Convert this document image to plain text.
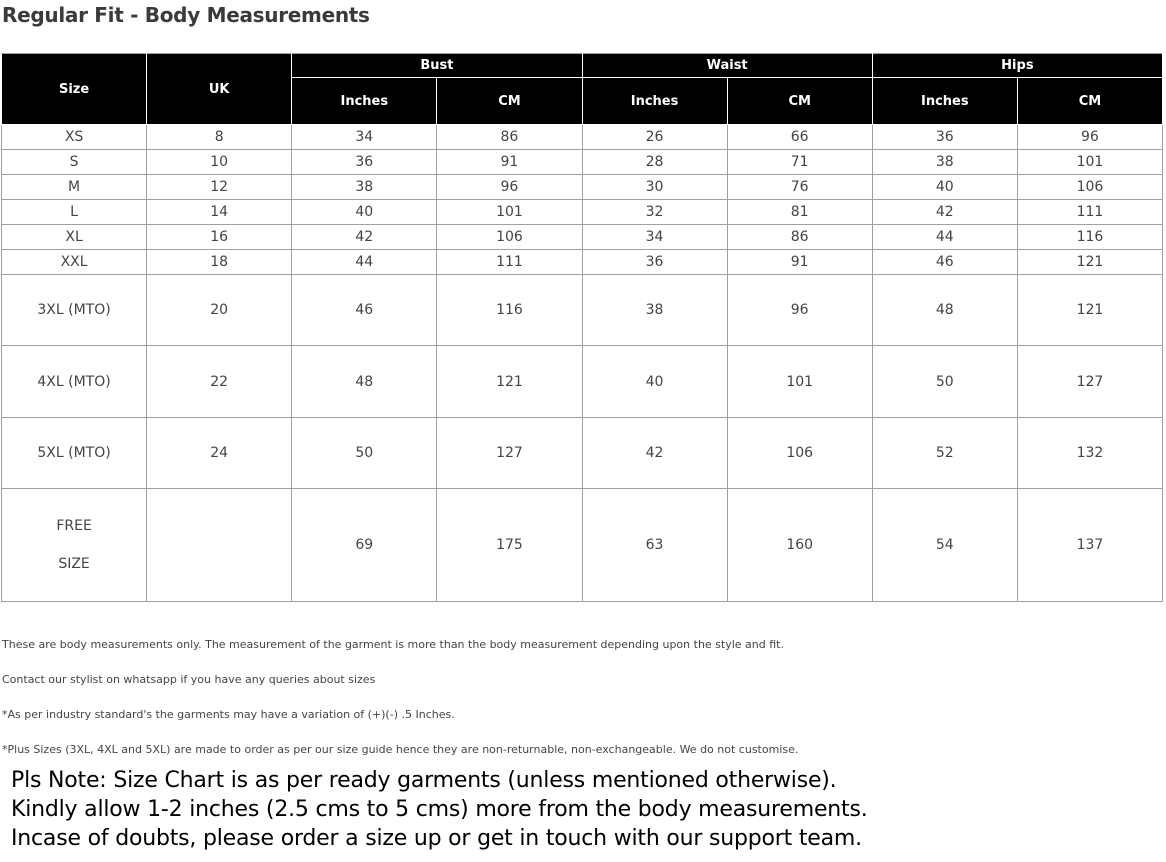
Regular Fit - Body Measurements
Size	UK	Bust		Waist		Hips	
		Inches	CM	Inches	CM	Inches	CM
XS	8	34	86	26	66	36	96
S	10	36	91	28	71	38	101
M	12	38	96	30	76	40	106
L	14	40	101	32	81	42	111
XL	16	42	106	34	86	44	116
XXL	18	44	111	36	91	46	121
3XL (MTO)	20	46	116	38	96	48	121
4XL (MTO)	22	48	121	40	101	50	127
5XL (MTO)	24	50	127	42	106	52	132

FREE
SIZE		69	175	63	160	54	137

These are body measurements only. The measurement of the garment is more than the body measurement depending upon the style and fit.

Contact our stylist on whatsapp if you have any queries about sizes

*As per industry standard's the garments may have a variation of (+)(-) .5 Inches.

*Plus Sizes (3XL, 4XL and 5XL) are made to order as per our size guide hence they are non-returnable, non-exchangeable. We do not customise.

Pls Note: Size Chart is as per ready garments (unless mentioned otherwise).

Kindly allow 1-2 inches (2.5 cms to 5 cms) more from the body measurements.

Incase of doubts, please order a size up or get in touch with our support team.
